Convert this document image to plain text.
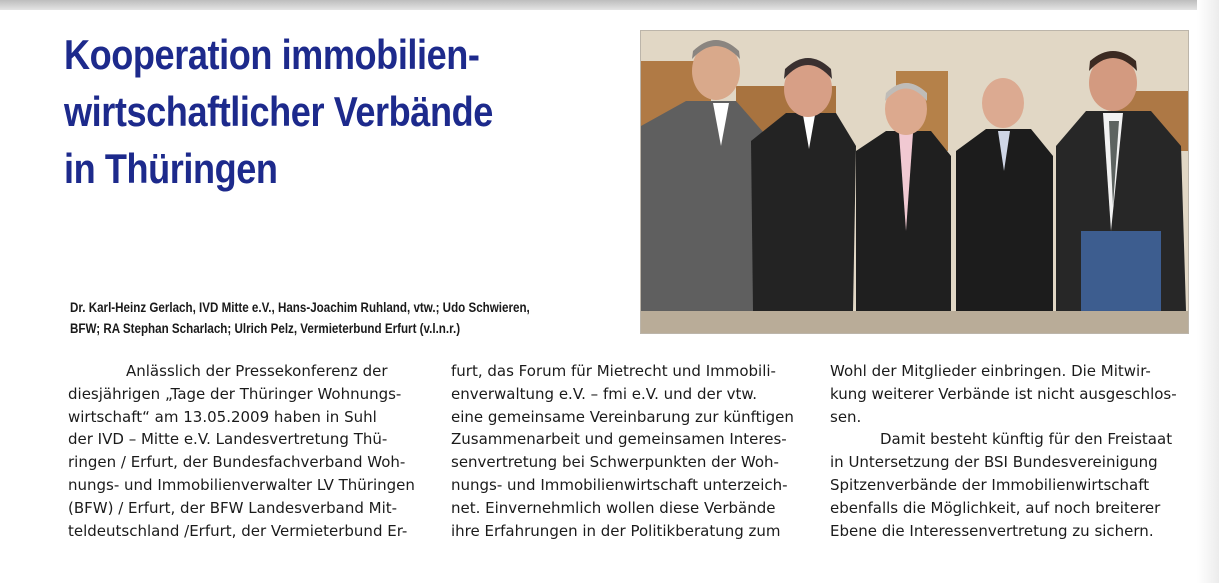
Kooperation immobilien-
wirtschaftlicher Verbände
in Thüringen

Dr. Karl-Heinz Gerlach, IVD Mitte e.V., Hans-Joachim Ruhland, vtw.; Udo Schwieren,
BFW; RA Stephan Scharlach; Ulrich Pelz, Vermieterbund Erfurt (v.l.n.r.)

Anlässlich der Pressekonferenz der
diesjährigen „Tage der Thüringer Wohnungs-
wirtschaft“ am 13.05.2009 haben in Suhl
der IVD – Mitte e.V. Landesvertretung Thü-
ringen / Erfurt, der Bundesfachverband Woh-
nungs- und Immobilienverwalter LV Thüringen
(BFW) / Erfurt, der BFW Landesverband Mit-
teldeutschland /Erfurt, der Vermieterbund Er-
furt, das Forum für Mietrecht und Immobili-
enverwaltung e.V. – fmi e.V. und der vtw.
eine gemeinsame Vereinbarung zur künftigen
Zusammenarbeit und gemeinsamen Interes-
senvertretung bei Schwerpunkten der Woh-
nungs- und Immobilienwirtschaft unterzeich-
net. Einvernehmlich wollen diese Verbände
ihre Erfahrungen in der Politikberatung zum
Wohl der Mitglieder einbringen. Die Mitwir-
kung weiterer Verbände ist nicht ausgeschlos-
sen.
Damit besteht künftig für den Freistaat
in Untersetzung der BSI Bundesvereinigung
Spitzenverbände der Immobilienwirtschaft
ebenfalls die Möglichkeit, auf noch breiterer
Ebene die Interessenvertretung zu sichern.
